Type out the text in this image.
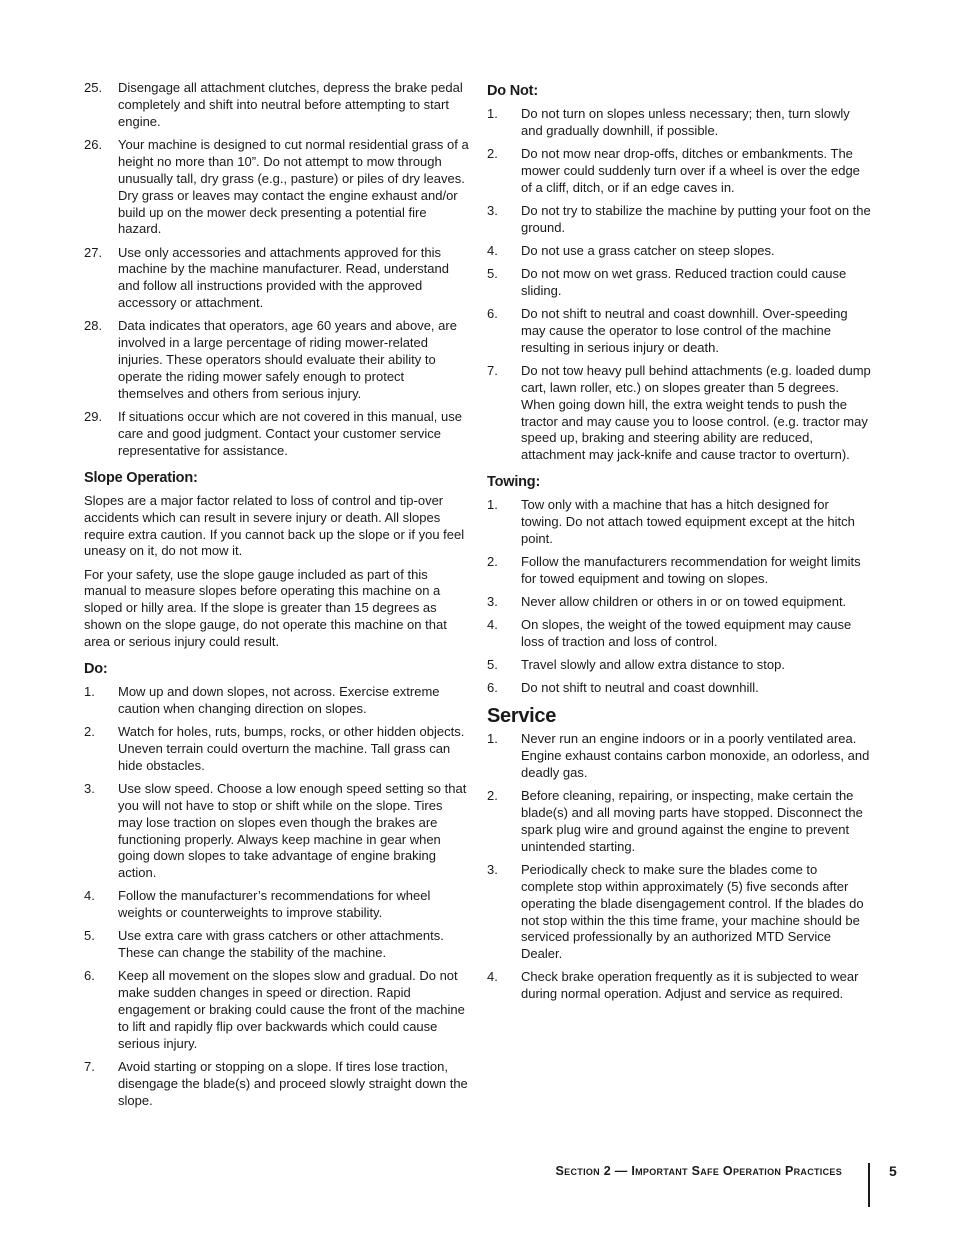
25. Disengage all attachment clutches, depress the brake pedal completely and shift into neutral before attempting to start engine.
26. Your machine is designed to cut normal residential grass of a height no more than 10”. Do not attempt to mow through unusually tall, dry grass (e.g., pasture) or piles of dry leaves. Dry grass or leaves may contact the engine exhaust and/or build up on the mower deck presenting a potential fire hazard.
27. Use only accessories and attachments approved for this machine by the machine manufacturer. Read, understand and follow all instructions provided with the approved accessory or attachment.
28. Data indicates that operators, age 60 years and above, are involved in a large percentage of riding mower-related injuries. These operators should evaluate their ability to operate the riding mower safely enough to protect themselves and others from serious injury.
29. If situations occur which are not covered in this manual, use care and good judgment. Contact your customer service representative for assistance.
Slope Operation:

Slopes are a major factor related to loss of control and tip-over accidents which can result in severe injury or death. All slopes require extra caution. If you cannot back up the slope or if you feel uneasy on it, do not mow it.

For your safety, use the slope gauge included as part of this manual to measure slopes before operating this machine on a sloped or hilly area. If the slope is greater than 15 degrees as shown on the slope gauge, do not operate this machine on that area or serious injury could result.

Do:
1. Mow up and down slopes, not across. Exercise extreme caution when changing direction on slopes.
2. Watch for holes, ruts, bumps, rocks, or other hidden objects. Uneven terrain could overturn the machine. Tall grass can hide obstacles.
3. Use slow speed. Choose a low enough speed setting so that you will not have to stop or shift while on the slope. Tires may lose traction on slopes even though the brakes are functioning properly. Always keep machine in gear when going down slopes to take advantage of engine braking action.
4. Follow the manufacturer’s recommendations for wheel weights or counterweights to improve stability.
5. Use extra care with grass catchers or other attachments. These can change the stability of the machine.
6. Keep all movement on the slopes slow and gradual. Do not make sudden changes in speed or direction. Rapid engagement or braking could cause the front of the machine to lift and rapidly flip over backwards which could cause serious injury.
7. Avoid starting or stopping on a slope. If tires lose traction, disengage the blade(s) and proceed slowly straight down the slope.
Do Not:
1. Do not turn on slopes unless necessary; then, turn slowly and gradually downhill, if possible.
2. Do not mow near drop-offs, ditches or embankments. The mower could suddenly turn over if a wheel is over the edge of a cliff, ditch, or if an edge caves in.
3. Do not try to stabilize the machine by putting your foot on the ground.
4. Do not use a grass catcher on steep slopes.
5. Do not mow on wet grass. Reduced traction could cause sliding.
6. Do not shift to neutral and coast downhill. Over-speeding may cause the operator to lose control of the machine resulting in serious injury or death.
7. Do not tow heavy pull behind attachments (e.g. loaded dump cart, lawn roller, etc.) on slopes greater than 5 degrees. When going down hill, the extra weight tends to push the tractor and may cause you to loose control. (e.g. tractor may speed up, braking and steering ability are reduced, attachment may jack-knife and cause tractor to overturn).
Towing:
1. Tow only with a machine that has a hitch designed for towing. Do not attach towed equipment except at the hitch point.
2. Follow the manufacturers recommendation for weight limits for towed equipment and towing on slopes.
3. Never allow children or others in or on towed equipment.
4. On slopes, the weight of the towed equipment may cause loss of traction and loss of control.
5. Travel slowly and allow extra distance to stop.
6. Do not shift to neutral and coast downhill.
Service
1. Never run an engine indoors or in a poorly ventilated area. Engine exhaust contains carbon monoxide, an odorless, and deadly gas.
2. Before cleaning, repairing, or inspecting, make certain the blade(s) and all moving parts have stopped. Disconnect the spark plug wire and ground against the engine to prevent unintended starting.
3. Periodically check to make sure the blades come to complete stop within approximately (5) five seconds after operating the blade disengagement control. If the blades do not stop within the this time frame, your machine should be serviced professionally by an authorized MTD Service Dealer.
4. Check brake operation frequently as it is subjected to wear during normal operation. Adjust and service as required.
Section 2 — Important Safe Operation Practices	5
